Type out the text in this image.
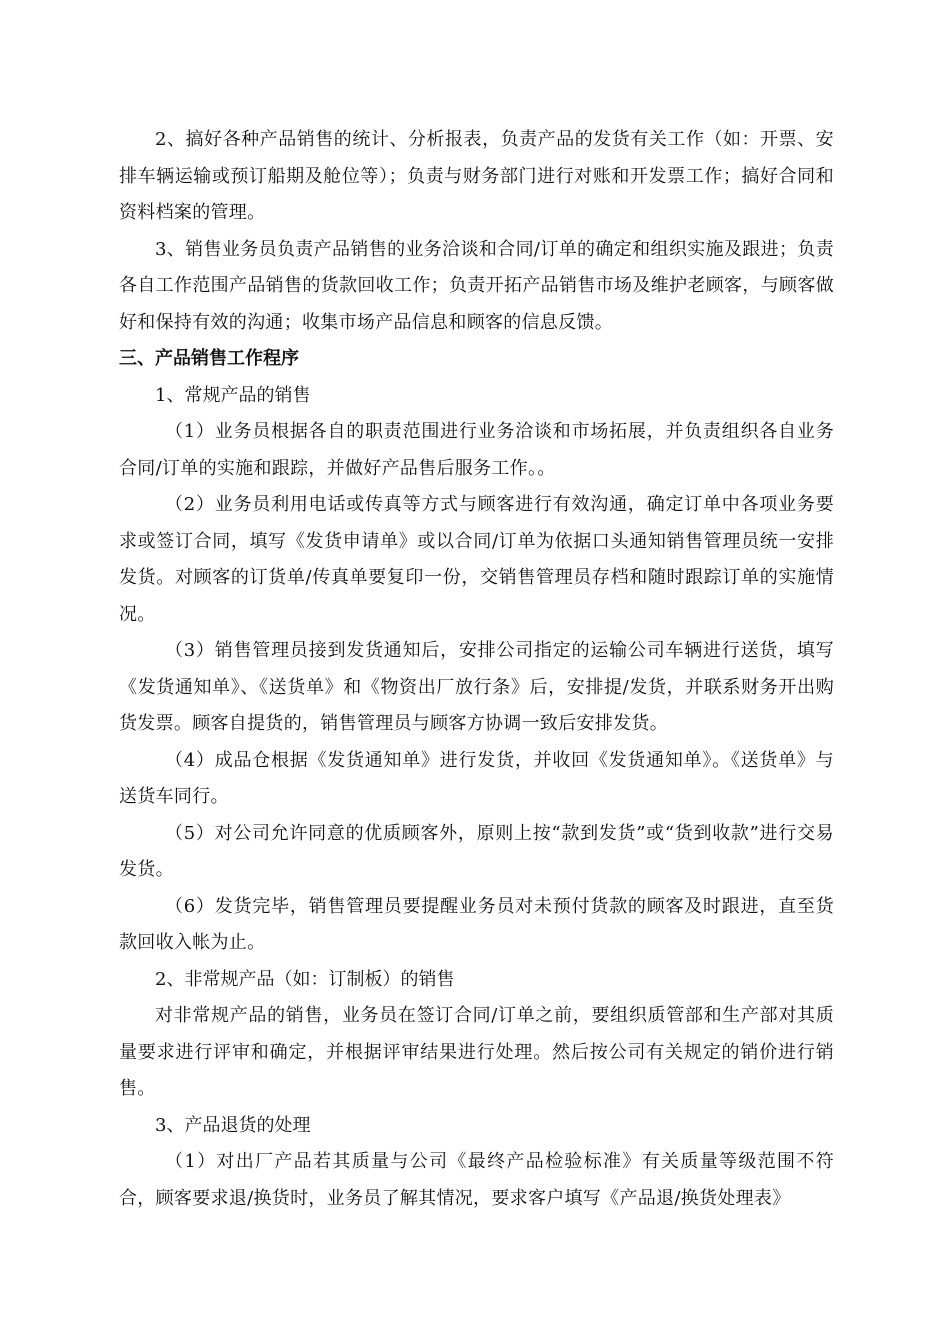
2、搞好各种产品销售的统计、分析报表，负责产品的发货有关工作（如：开票、安排车辆运输或预订船期及舱位等）；负责与财务部门进行对账和开发票工作；搞好合同和资料档案的管理。

3、销售业务员负责产品销售的业务洽谈和合同/订单的确定和组织实施及跟进；负责各自工作范围产品销售的货款回收工作；负责开拓产品销售市场及维护老顾客，与顾客做好和保持有效的沟通；收集市场产品信息和顾客的信息反馈。

三、产品销售工作程序

1、常规产品的销售

（1）业务员根据各自的职责范围进行业务洽谈和市场拓展，并负责组织各自业务合同/订单的实施和跟踪，并做好产品售后服务工作。。

（2）业务员利用电话或传真等方式与顾客进行有效沟通，确定订单中各项业务要求或签订合同，填写《发货申请单》或以合同/订单为依据口头通知销售管理员统一安排发货。对顾客的订货单/传真单要复印一份，交销售管理员存档和随时跟踪订单的实施情况。

（3）销售管理员接到发货通知后，安排公司指定的运输公司车辆进行送货，填写《发货通知单》、《送货单》和《物资出厂放行条》后，安排提/发货，并联系财务开出购货发票。顾客自提货的，销售管理员与顾客方协调一致后安排发货。

（4）成品仓根据《发货通知单》进行发货，并收回《发货通知单》。《送货单》与送货车同行。

（5）对公司允许同意的优质顾客外，原则上按“款到发货”或“货到收款”进行交易发货。

（6）发货完毕，销售管理员要提醒业务员对未预付货款的顾客及时跟进，直至货款回收入帐为止。

2、非常规产品（如：订制板）的销售

对非常规产品的销售，业务员在签订合同/订单之前，要组织质管部和生产部对其质量要求进行评审和确定，并根据评审结果进行处理。然后按公司有关规定的销价进行销售。

3、产品退货的处理

（1）对出厂产品若其质量与公司《最终产品检验标准》有关质量等级范围不符合，顾客要求退/换货时，业务员了解其情况，要求客户填写《产品退/换货处理表》
